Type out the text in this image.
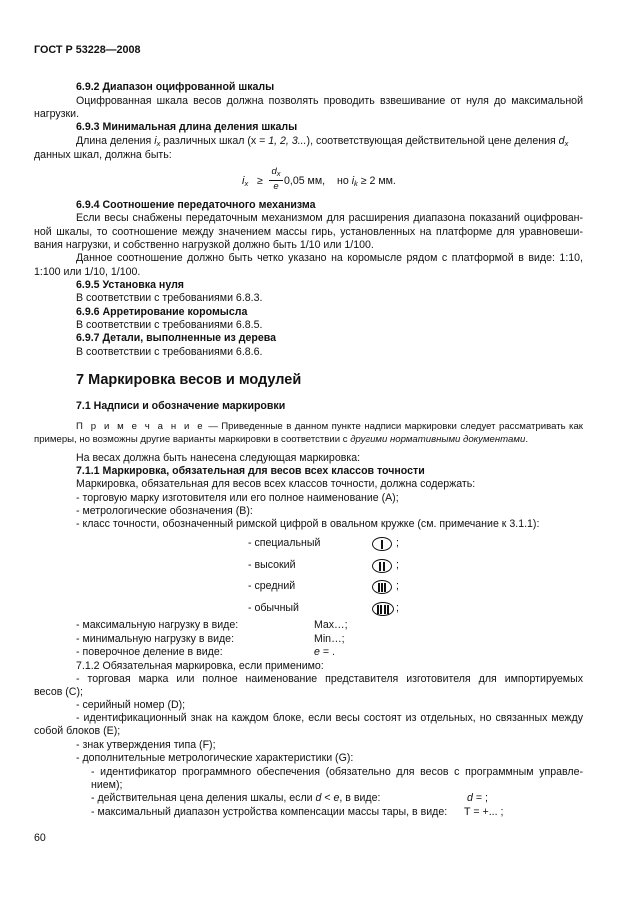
ГОСТ Р 53228—2008
6.9.2 Диапазон оцифрованной шкалы
Оцифрованная шкала весов должна позволять проводить взвешивание от нуля до максимальной
нагрузки.
6.9.3 Минимальная длина деления шкалы
Длина деления $i_x$ различных шкал (x = 1, 2, 3...), соответствующая действительной цене деления $d_x$
данных шкал, должна быть:
$i_x$ ≥
$d_x$
e 0,05 мм, но $i_k \ge 2$ мм.
6.9.4 Соотношение передаточного механизма
Если весы снабжены передаточным механизмом для расширения диапазона показаний оцифрован-
ной шкалы, то соотношение между значением массы гирь, установленных на платформе для уравновеши-
вания нагрузки, и собственно нагрузкой должно быть 1/10 или 1/100.
Данное соотношение должно быть четко указано на коромысле рядом с платформой в виде: 1:10,
1:100 или 1/10, 1/100.
6.9.5 Установка нуля
В соответствии с требованиями 6.8.3.
6.9.6 Арретирование коромысла
В соответствии с требованиями 6.8.5.
6.9.7 Детали, выполненные из дерева
В соответствии с требованиями 6.8.6.
7 Маркировка весов и модулей
7.1 Надписи и обозначение маркировки
П р и м е ч а н и е — Приведенные в данном пункте надписи маркировки следует рассматривать как
примеры, но возможны другие варианты маркировки в соответствии с другими нормативными документами.
На весах должна быть нанесена следующая маркировка:
7.1.1 Маркировка, обязательная для весов всех классов точности
Маркировка, обязательная для весов всех классов точности, должна содержать:
- торговую марку изготовителя или его полное наименование (А);
- метрологические обозначения (В):
- класс точности, обозначенный римской цифрой в овальном кружке (см. примечание к 3.1.1):
- специальный	;
- высокий	;
- средний	;
- обычный	;
- максимальную нагрузку в виде:	Max…;
- минимальную нагрузку в виде:	Min…;
- поверочное деление в виде:	e = .
7.1.2 Обязательная маркировка, если применимо:
- торговая марка или полное наименование представителя изготовителя для импортируемых
весов (С);
- серийный номер (D);
- идентификационный знак на каждом блоке, если весы состоят из отдельных, но связанных между
собой блоков (Е);
- знак утверждения типа (F);
- дополнительные метрологические характеристики (G):
- идентификатор программного обеспечения (обязательно для весов с программным управле-
нием);
- действительная цена деления шкалы, если d < e, в виде:	d = ;
- максимальный диапазон устройства компенсации массы тары, в виде: Т = +... ;
60
